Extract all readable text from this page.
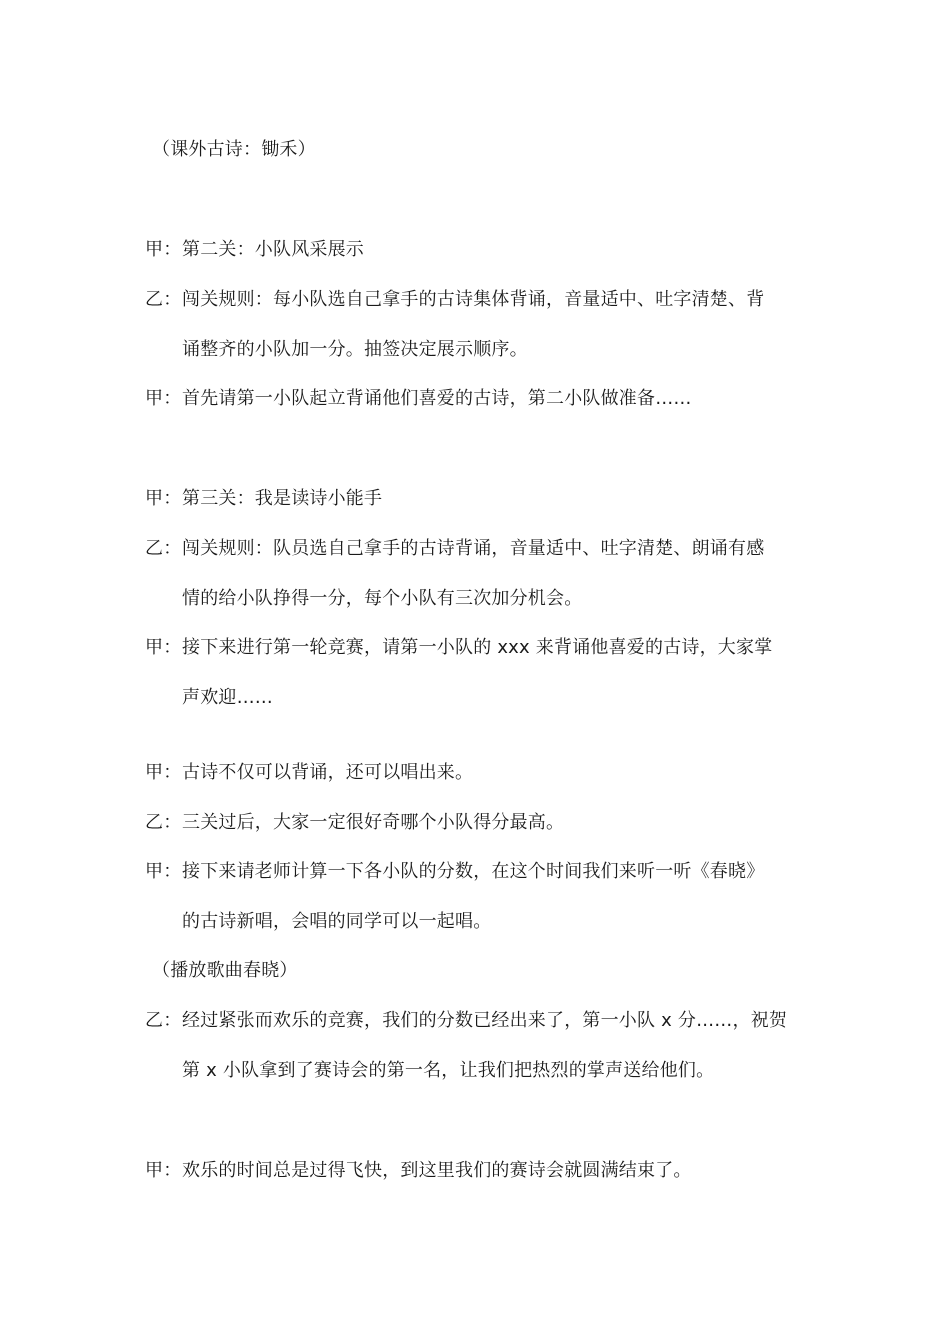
（课外古诗：锄禾）
甲： 第二关：小队风采展示
乙： 闯关规则：每小队选自己拿手的古诗集体背诵，音量适中、吐字清楚、背
诵整齐的小队加一分。抽签决定展示顺序。
甲： 首先请第一小队起立背诵他们喜爱的古诗，第二小队做准备……
甲： 第三关：我是读诗小能手
乙： 闯关规则：队员选自己拿手的古诗背诵，音量适中、吐字清楚、朗诵有感
情的给小队挣得一分，每个小队有三次加分机会。
甲： 接下来进行第一轮竞赛，请第一小队的 xxx 来背诵他喜爱的古诗，大家掌
声欢迎……
甲： 古诗不仅可以背诵，还可以唱出来。
乙： 三关过后，大家一定很好奇哪个小队得分最高。
甲： 接下来请老师计算一下各小队的分数，在这个时间我们来听一听《春晓》
的古诗新唱，会唱的同学可以一起唱。
（播放歌曲春晓）
乙： 经过紧张而欢乐的竞赛，我们的分数已经出来了，第一小队 x 分……，祝贺
第 x 小队拿到了赛诗会的第一名，让我们把热烈的掌声送给他们。
甲： 欢乐的时间总是过得飞快，到这里我们的赛诗会就圆满结束了。
